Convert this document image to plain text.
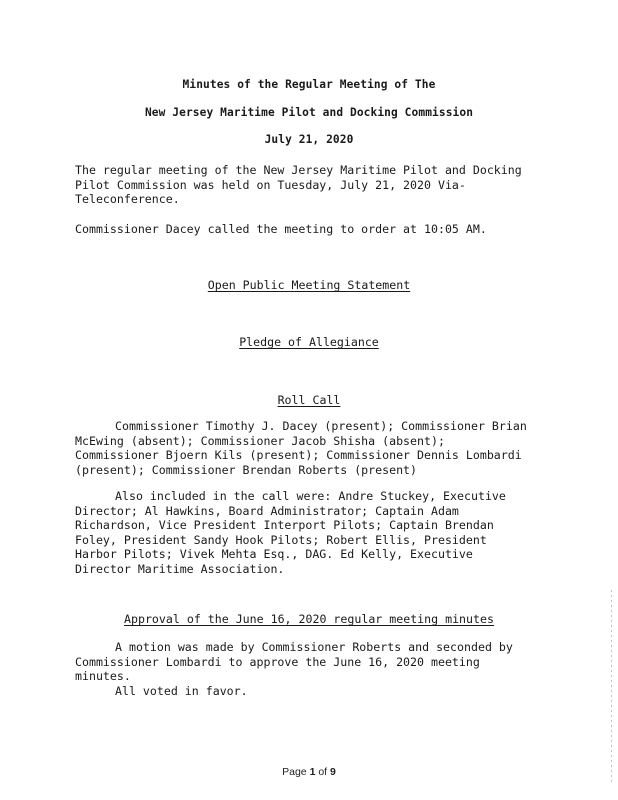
Minutes of the Regular Meeting of The
New Jersey Maritime Pilot and Docking Commission
July 21, 2020
The regular meeting of the New Jersey Maritime Pilot and Docking
Pilot Commission was held on Tuesday, July 21, 2020 Via-
Teleconference.
Commissioner Dacey called the meeting to order at 10:05 AM.
Open Public Meeting Statement
Pledge of Allegiance
Roll Call
Commissioner Timothy J. Dacey (present); Commissioner Brian
McEwing (absent); Commissioner Jacob Shisha (absent);
Commissioner Bjoern Kils (present); Commissioner Dennis Lombardi
(present); Commissioner Brendan Roberts (present)
Also included in the call were: Andre Stuckey, Executive
Director; Al Hawkins, Board Administrator; Captain Adam
Richardson, Vice President Interport Pilots; Captain Brendan
Foley, President Sandy Hook Pilots; Robert Ellis, President
Harbor Pilots; Vivek Mehta Esq., DAG. Ed Kelly, Executive
Director Maritime Association.
Approval of the June 16, 2020 regular meeting minutes
A motion was made by Commissioner Roberts and seconded by
Commissioner Lombardi to approve the June 16, 2020 meeting
minutes.
All voted in favor.
Page 1 of 9
